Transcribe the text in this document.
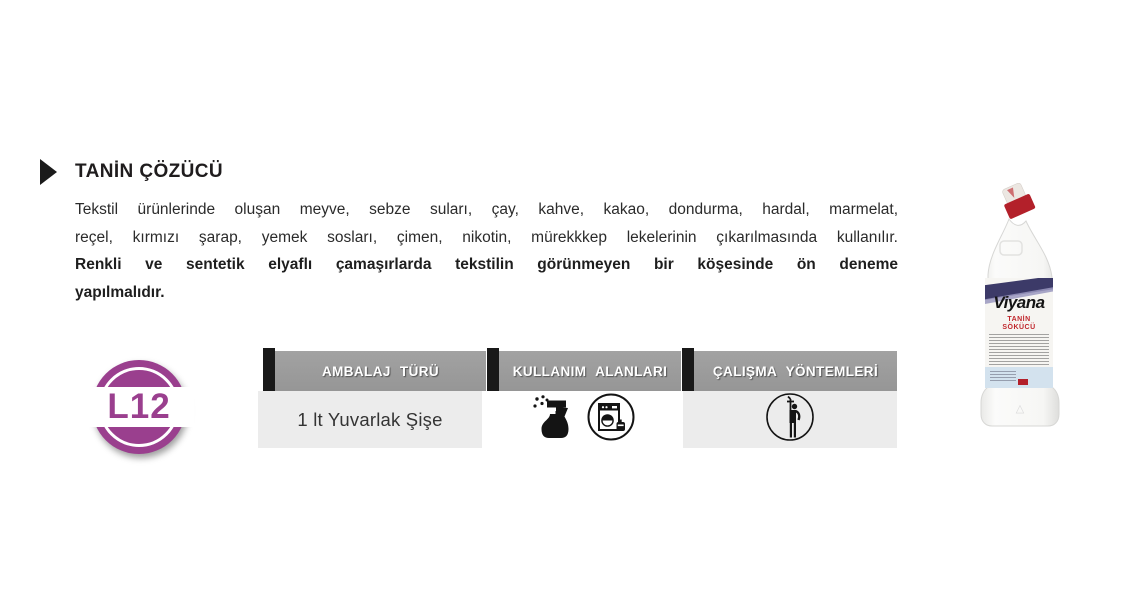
TANİN ÇÖZÜCÜ
Tekstil ürünlerinde oluşan meyve, sebze suları, çay, kahve, kakao, dondurma, hardal, marmelat,
reçel, kırmızı şarap, yemek sosları, çimen, nikotin, mürekkkep lekelerinin çıkarılmasında kullanılır.
Renkli ve sentetik elyaflı çamaşırlarda tekstilin görünmeyen bir köşesinde ön deneme
yapılmalıdır.
L12
AMBALAJ TÜRÜ
1 lt Yuvarlak Şişe
KULLANIM ALANLARI	ÇALIŞMA YÖNTEMLERİ
Viyana
TANİN
SÖKÜCÜ
△
